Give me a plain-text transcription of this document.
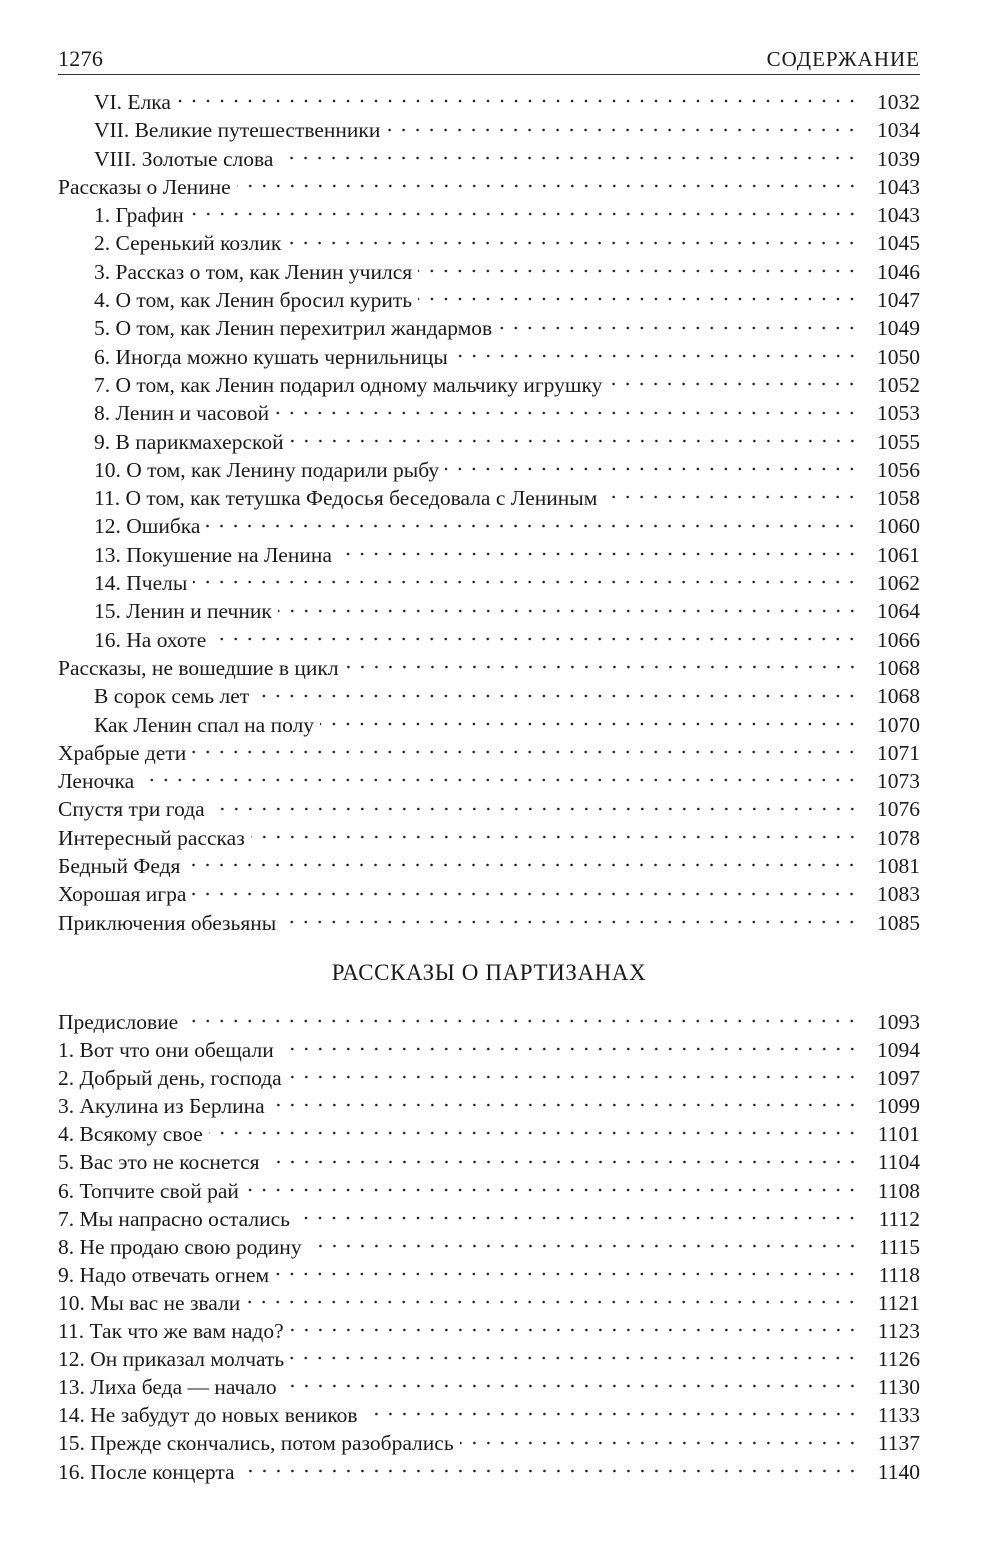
1276	СОДЕРЖАНИЕ
VI. Елка	1032
VII. Великие путешественники	1034
VIII. Золотые слова	1039
Рассказы о Ленине	1043
1. Графин	1043
2. Серенький козлик	1045
3. Рассказ о том, как Ленин учился	1046
4. О том, как Ленин бросил курить	1047
5. О том, как Ленин перехитрил жандармов	1049
6. Иногда можно кушать чернильницы	1050
7. О том, как Ленин подарил одному мальчику игрушку	1052
8. Ленин и часовой	1053
9. В парикмахерской	1055
10. О том, как Ленину подарили рыбу	1056
11. О том, как тетушка Федосья беседовала с Лениным	1058
12. Ошибка	1060
13. Покушение на Ленина	1061
14. Пчелы	1062
15. Ленин и печник	1064
16. На охоте	1066
Рассказы, не вошедшие в цикл	1068
В сорок семь лет	1068
Как Ленин спал на полу	1070
Храбрые дети	1071
Леночка	1073
Спустя три года	1076
Интересный рассказ	1078
Бедный Федя	1081
Хорошая игра	1083
Приключения обезьяны	1085
РАССКАЗЫ О ПАРТИЗАНАХ
Предисловие	1093
1. Вот что они обещали	1094
2. Добрый день, господа	1097
3. Акулина из Берлина	1099
4. Всякому свое	1101
5. Вас это не коснется	1104
6. Топчите свой рай	1108
7. Мы напрасно остались	1112
8. Не продаю свою родину	1115
9. Надо отвечать огнем	1118
10. Мы вас не звали	1121
11. Так что же вам надо?	1123
12. Он приказал молчать	1126
13. Лиха беда — начало	1130
14. Не забудут до новых веников	1133
15. Прежде скончались, потом разобрались	1137
16. После концерта	1140
